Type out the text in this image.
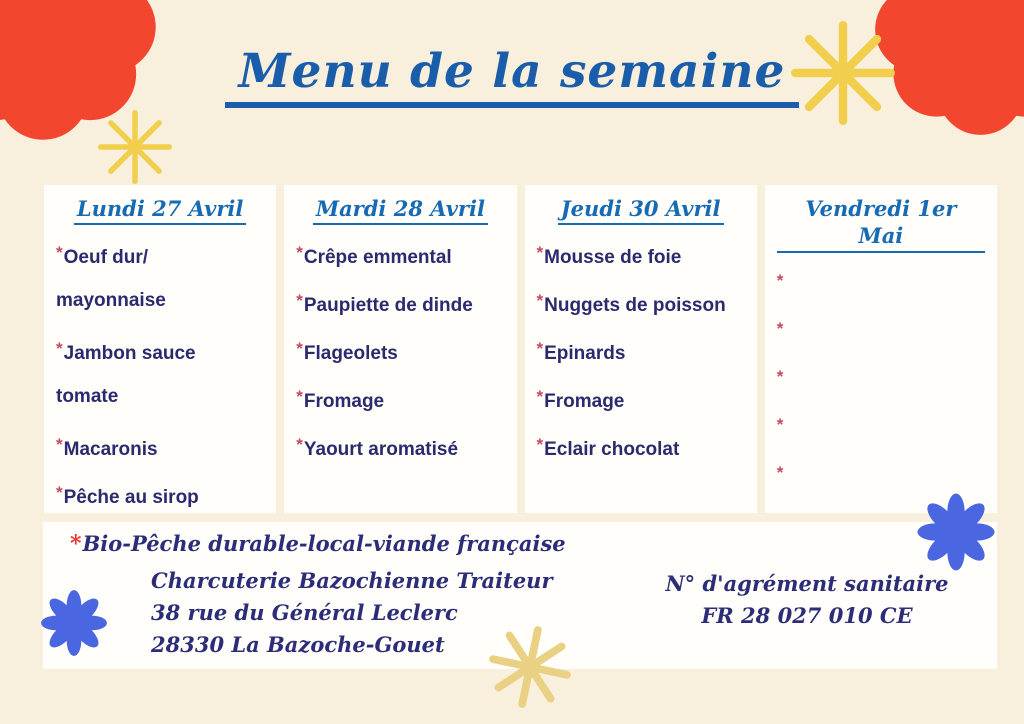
Menu de la semaine
Lundi 27 Avril
*Oeuf dur/
mayonnaise
*Jambon sauce
tomate
*Macaronis
*Pêche au sirop
Mardi 28 Avril
*Crêpe emmental
*Paupiette de dinde
*Flageolets
*Fromage
*Yaourt aromatisé
Jeudi 30 Avril
*Mousse de foie
*Nuggets de poisson
*Epinards
*Fromage
*Eclair chocolat
Vendredi 1er Mai
*
*
*
*
*
*Bio-Pêche durable-local-viande française
Charcuterie Bazochienne Traiteur
38 rue du Général Leclerc
28330 La Bazoche-Gouet
N° d'agrément sanitaire
FR 28 027 010 CE
